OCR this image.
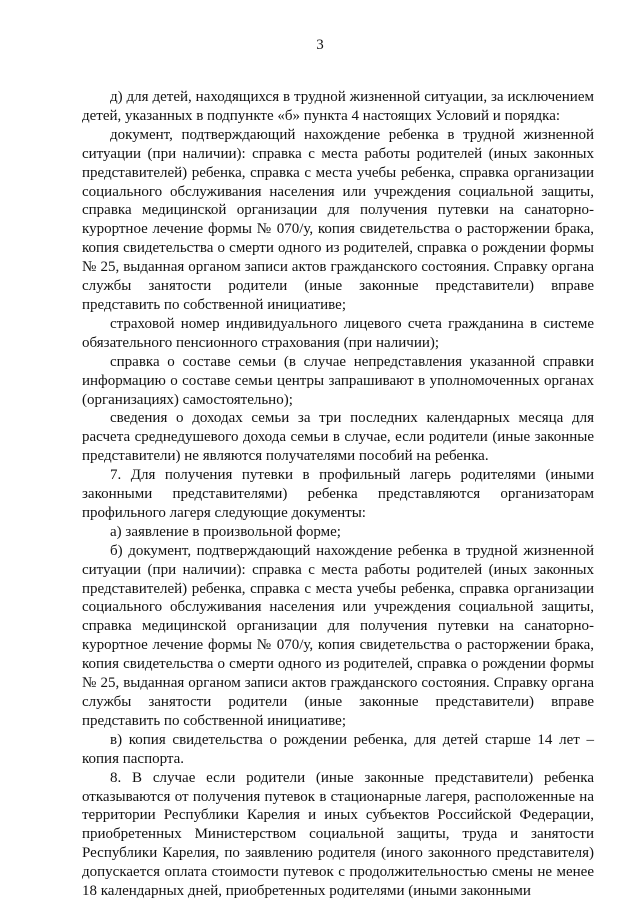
3

д) для детей, находящихся в трудной жизненной ситуации, за исключением детей, указанных в подпункте «б» пункта 4 настоящих Условий и порядка:

документ, подтверждающий нахождение ребенка в трудной жизненной ситуации (при наличии): справка с места работы родителей (иных законных представителей) ребенка, справка с места учебы ребенка, справка организации социального обслуживания населения или учреждения социальной защиты, справка медицинской организации для получения путевки на санаторно-курортное лечение формы № 070/у, копия свидетельства о расторжении брака, копия свидетельства о смерти одного из родителей, справка о рождении формы № 25, выданная органом записи актов гражданского состояния. Справку органа службы занятости родители (иные законные представители) вправе представить по собственной инициативе;

страховой номер индивидуального лицевого счета гражданина в системе обязательного пенсионного страхования (при наличии);

справка о составе семьи (в случае непредставления указанной справки информацию о составе семьи центры запрашивают в уполномоченных органах (организациях) самостоятельно);

сведения о доходах семьи за три последних календарных месяца для расчета среднедушевого дохода семьи в случае, если родители (иные законные представители) не являются получателями пособий на ребенка.

7. Для получения путевки в профильный лагерь родителями (иными законными представителями) ребенка представляются организаторам профильного лагеря следующие документы:

а) заявление в произвольной форме;

б) документ, подтверждающий нахождение ребенка в трудной жизненной ситуации (при наличии): справка с места работы родителей (иных законных представителей) ребенка, справка с места учебы ребенка, справка организации социального обслуживания населения или учреждения социальной защиты, справка медицинской организации для получения путевки на санаторно-курортное лечение формы № 070/у, копия свидетельства о расторжении брака, копия свидетельства о смерти одного из родителей, справка о рождении формы № 25, выданная органом записи актов гражданского состояния. Справку органа службы занятости родители (иные законные представители) вправе представить по собственной инициативе;

в) копия свидетельства о рождении ребенка, для детей старше 14 лет – копия паспорта.

8. В случае если родители (иные законные представители) ребенка отказываются от получения путевок в стационарные лагеря, расположенные на территории Республики Карелия и иных субъектов Российской Федерации, приобретенных Министерством социальной защиты, труда и занятости Республики Карелия, по заявлению родителя (иного законного представителя) допускается оплата стоимости путевок с продолжительностью смены не менее 18 календарных дней, приобретенных родителями (иными законными
